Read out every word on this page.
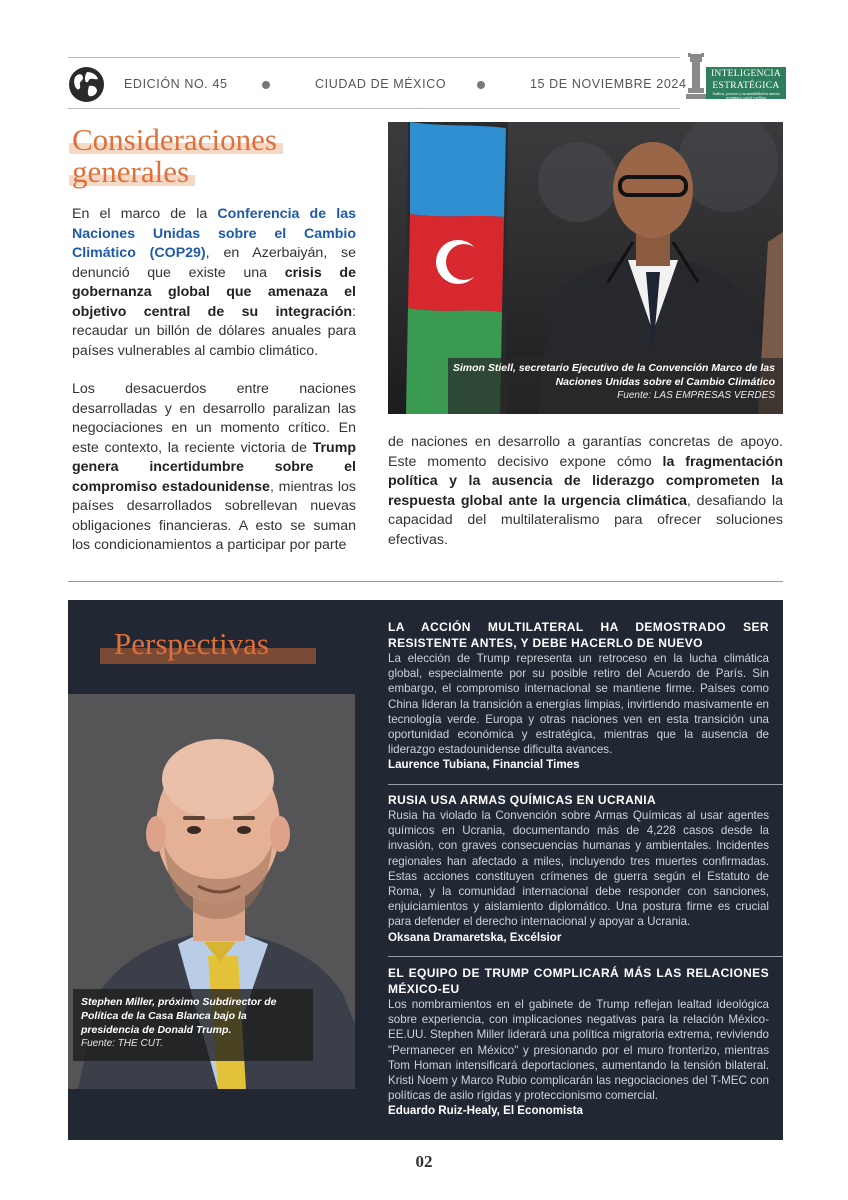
EDICIÓN NO. 45	CIUDAD DE MÉXICO	15 DE NOVIEMBRE 2024
INTELIGENCIA
ESTRATÉGICA
Análisis, procesos y sustentabilidad en materia económica, social y política
Consideraciones
generales

En el marco de la Conferencia de las Naciones Unidas sobre el Cambio Climático (COP29), en Azerbaiyán, se denunció que existe una crisis de gobernanza global que amenaza el objetivo central de su integración: recaudar un billón de dólares anuales para países vulnerables al cambio climático.

Los desacuerdos entre naciones desarrolladas y en desarrollo paralizan las negociaciones en un momento crítico. En este contexto, la reciente victoria de Trump genera incertidumbre sobre el compromiso estadounidense, mientras los países desarrollados sobrellevan nuevas obligaciones financieras. A esto se suman los condicionamientos a participar por parte

Simon Stiell, secretario Ejecutivo de la Convención Marco de las Naciones Unidas sobre el Cambio Climático
Fuente: LAS EMPRESAS VERDES

de naciones en desarrollo a garantías concretas de apoyo. Este momento decisivo expone cómo la fragmentación política y la ausencia de liderazgo comprometen la respuesta global ante la urgencia climática, desafiando la capacidad del multilateralismo para ofrecer soluciones efectivas.

Perspectivas
Stephen Miller, próximo Subdirector de Política de la Casa Blanca bajo la presidencia de Donald Trump.
Fuente: THE CUT.
LA ACCIÓN MULTILATERAL HA DEMOSTRADO SER RESISTENTE ANTES, Y DEBE HACERLO DE NUEVO
La elección de Trump representa un retroceso en la lucha climática global, especialmente por su posible retiro del Acuerdo de París. Sin embargo, el compromiso internacional se mantiene firme. Países como China lideran la transición a energías limpias, invirtiendo masivamente en tecnología verde. Europa y otras naciones ven en esta transición una oportunidad económica y estratégica, mientras que la ausencia de liderazgo estadounidense dificulta avances.
Laurence Tubiana, Financial Times
RUSIA USA ARMAS QUÍMICAS EN UCRANIA
Rusia ha violado la Convención sobre Armas Químicas al usar agentes químicos en Ucrania, documentando más de 4,228 casos desde la invasión, con graves consecuencias humanas y ambientales. Incidentes regionales han afectado a miles, incluyendo tres muertes confirmadas. Estas acciones constituyen crímenes de guerra según el Estatuto de Roma, y la comunidad internacional debe responder con sanciones, enjuiciamientos y aislamiento diplomático. Una postura firme es crucial para defender el derecho internacional y apoyar a Ucrania.
Oksana Dramaretska, Excélsior
EL EQUIPO DE TRUMP COMPLICARÁ MÁS LAS RELACIONES MÉXICO-EU
Los nombramientos en el gabinete de Trump reflejan lealtad ideológica sobre experiencia, con implicaciones negativas para la relación México-EE.UU. Stephen Miller liderará una política migratoria extrema, reviviendo "Permanecer en México" y presionando por el muro fronterizo, mientras Tom Homan intensificará deportaciones, aumentando la tensión bilateral. Kristi Noem y Marco Rubio complicarán las negociaciones del T-MEC con políticas de asilo rígidas y proteccionismo comercial.
Eduardo Ruiz-Healy, El Economista
02
